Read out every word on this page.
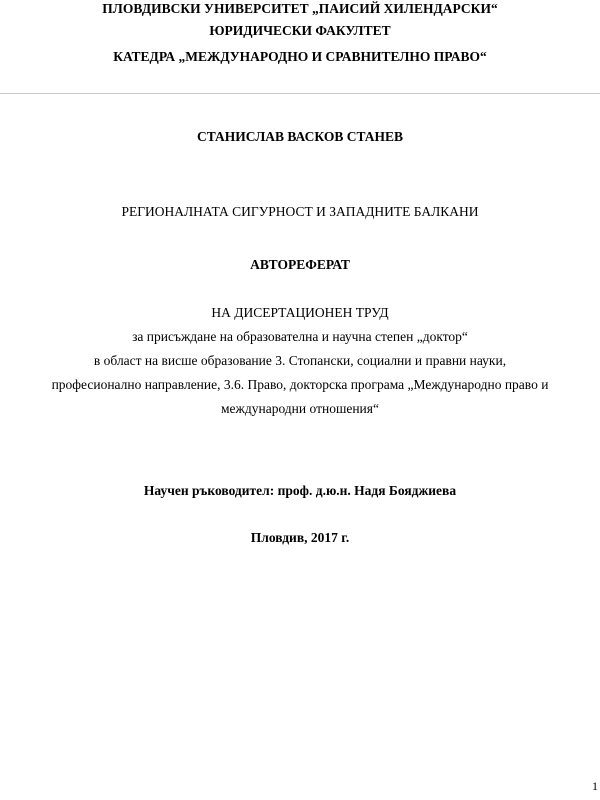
ПЛОВДИВСКИ УНИВЕРСИТЕТ „ПАИСИЙ ХИЛЕНДАРСКИ“
ЮРИДИЧЕСКИ ФАКУЛТЕТ
КАТЕДРА „МЕЖДУНАРОДНО И СРАВНИТЕЛНО ПРАВО“
СТАНИСЛАВ ВАСКОВ СТАНЕВ
РЕГИОНАЛНАТА СИГУРНОСТ И ЗАПАДНИТЕ БАЛКАНИ
АВТОРЕФЕРАТ
НА ДИСЕРТАЦИОНЕН ТРУД
за присъждане на образователна и научна степен „доктор“
в област на висше образование 3. Стопански, социални и правни науки,
професионално направление, 3.6. Право, докторска програма „Международно право и
международни отношения“
Научен ръководител: проф. д.ю.н. Надя Бояджиева
Пловдив, 2017 г.
1
